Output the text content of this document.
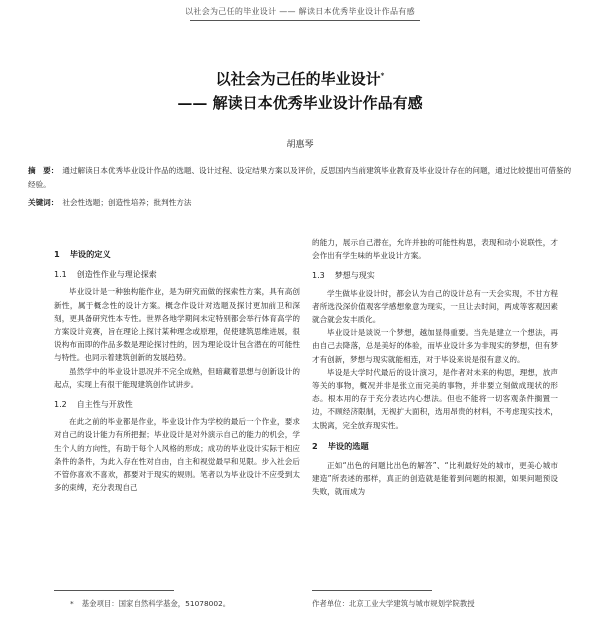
以社会为己任的毕业设计 —— 解读日本优秀毕业设计作品有感
以社会为己任的毕业设计*
—— 解读日本优秀毕业设计作品有感
胡惠琴
摘　要： 通过解读日本优秀毕业设计作品的选题、设计过程、设定结果方案以及评价，反思国内当前建筑毕业教育及毕业设计存在的问题，通过比较提出可借鉴的经验。
关键词： 社会性选题；创造性培养；批判性方法
1 毕设的定义
1.1 创造性作业与理论探索

毕业设计是一种独构能作业，是为研究而做的探索性方案，具有高创新性，属于概念性的设计方案。概念作设计对选题及探讨更加前卫和深刻，更具备研究性本专性。世界各地学期间未定特别都会举行体育高学的方案设计竞赛，旨在理论上探讨某种理念或原理，促使建筑思维进展，很说构布而即的作品多数是理论探讨性的，因为理论设计包含潜在的可能性与特性。也同示着建筑创新的发展趋势。

虽然学中的毕业设计思况并不完全成熟，但暗藏着思想与创新设计的起点，实现上有很干能现建筑创作试讲步。

1.2 自主性与开放性

在此之前的毕业都是作业，毕业设计作为学校的最后一个作业，要求对自己的设计能力有所把握；毕业设计是对外演示自己的能力的机会，学生个人的方向性，有助于每个人风格的形成；成功的毕业设计实际于相应条件的条件，为此入存在性对自由，自主和视觉最早和见限。步入社会后不管你喜欢不喜欢，都要对于现实的规则。笔者以为毕业设计不应受到太多的束缚，充分表现自己

的能力，展示自己潜在，允许并独的可能性构思，表现和动小说联性，才会作出有学生味的毕业设计方案。

1.3 梦想与现实

学生做毕业设计时，都会认为自己的设计总有一天会实现，不甘方程者所选没深价值观客学感想象意为现实，一旦让去时间，两成等客观因素就合就会发丰质化。

毕业设计是谈说一个梦想，越加显得重要。当先是建立一个想法，再由自己去降落，总是美好的体验，而毕业设计多为非现实的梦想，但有梦才有创新，梦想与现实就能相连，对于毕设来说是很有意义的。

毕设是大学时代最后的设计演习，是作者对未来的构思，理想，放声等关的事物，概况并非是张立而完美的事物，并非要立刻做成现状的形态。根本用的存于充分表达内心想法。但也不能将一切客观条件搁置一边，不顾经济限制，无视扩大面积，选用昂贵的材料，不考虑现实技术，太脱离，完全放弃现实性。

2 毕设的选题

正如“出色的问题比出色的解答”、“比利最好处的城市，更美心城市建造”所表述的那样，真正的创造就是能着到问题的根源，如果问题预设失败，就而成为

* 基金项目：国家自然科学基金，51078002。	作者单位：北京工业大学建筑与城市规划学院教授
